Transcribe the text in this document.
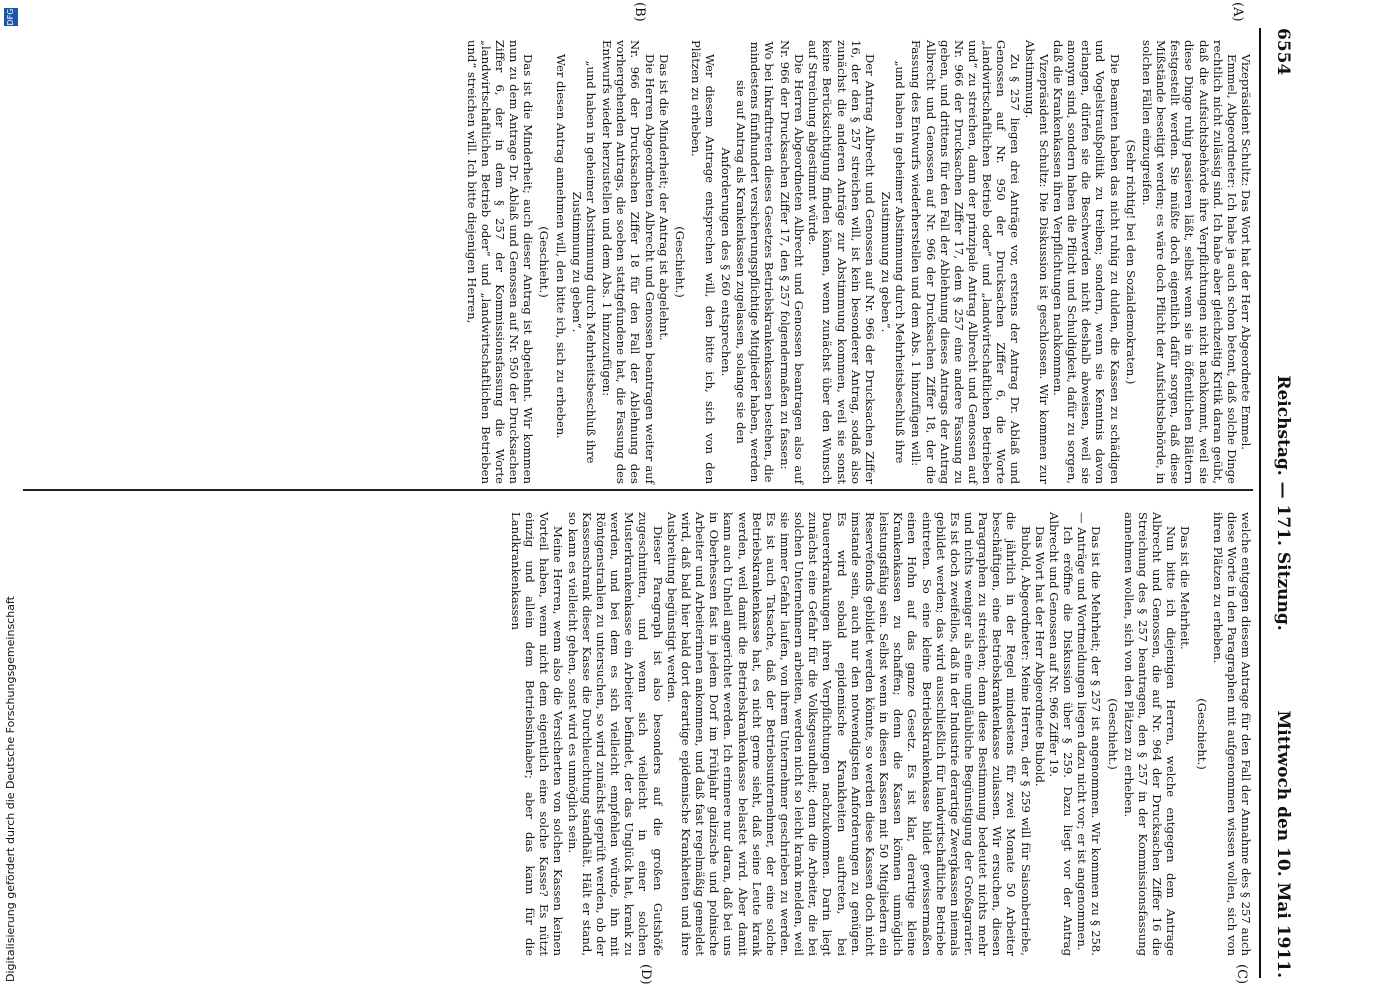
6554
Reichstag. — 171. Sitzung.
Mittwoch den 10. Mai 1911.
(A)
(B)
(C)
(D)

Vizepräsident Schultz: Das Wort hat der Herr Abgeordnete Emmel.

Emmel, Abgeordneter: Ich habe ja auch schon betont, daß solche Dinge rechtlich nicht zulässig sind. Ich habe aber gleichzeitig Kritik daran geübt, daß die Aufsichtsbehörde ihre Verpflichtungen nicht nachkommt, weil sie diese Dinge ruhig passieren läßt, selbst wenn sie in öffentlichen Blättern festgestellt werden. Sie müßte doch eigentlich dafür sorgen, daß diese Mißstände beseitigt werden; es wäre doch Pflicht der Aufsichtsbehörde, in solchen Fällen einzugreifen.

(Sehr richtig! bei den Sozialdemokraten.)

Die Beamten haben das nicht ruhig zu dulden, die Kassen zu schädigen und Vogelstraußpolitik zu treiben; sondern, wenn sie Kenntnis davon erlangen, dürfen sie die Beschwerden nicht deshalb abweisen, weil sie anonym sind, sondern haben die Pflicht und Schuldigkeit, dafür zu sorgen, daß die Krankenkassen ihren Verpflichtungen nachkommen.

Vizepräsident Schultz: Die Diskussion ist geschlossen. Wir kommen zur Abstimmung.

Zu § 257 liegen drei Anträge vor, erstens der Antrag Dr. Ablaß und Genossen auf Nr. 950 der Drucksachen Ziffer 6, die Worte „landwirtschaftlichen Betrieb oder“ und „landwirtschaftlichen Betrieben und“ zu streichen, dann der prinzipale Antrag Albrecht und Genossen auf Nr. 966 der Drucksachen Ziffer 17, dem § 257 eine andere Fassung zu geben, und drittens für den Fall der Ablehnung dieses Antrags der Antrag Albrecht und Genossen auf Nr. 966 der Drucksachen Ziffer 18, der die Fassung des Entwurfs wiederherstellen und dem Abs. 1 hinzufügen will:

„und haben in geheimer Abstimmung durch Mehrheitsbeschluß ihre Zustimmung zu geben“.

Der Antrag Albrecht und Genossen auf Nr. 966 der Drucksachen Ziffer 16, der den § 257 streichen will, ist kein besonderer Antrag, sodaß also zunächst die anderen Anträge zur Abstimmung kommen, weil sie sonst keine Berücksichtigung finden können, wenn zunächst über den Wunsch auf Streichung abgestimmt würde.

Die Herren Abgeordneten Albrecht und Genossen beantragen also auf Nr. 966 der Drucksachen Ziffer 17, den § 257 folgendermaßen zu fassen:

Wo bei Inkrafttreten dieses Gesetzes Betriebskrankenkassen bestehen, die mindestens fünfhundert versicherungspflichtige Mitglieder haben, werden sie auf Antrag als Krankenkassen zugelassen, solange sie den Anforderungen des § 260 entsprechen.

Wer diesem Antrage entsprechen will, den bitte ich, sich von den Plätzen zu erheben.

(Geschieht.)

Das ist die Minderheit; der Antrag ist abgelehnt.

Die Herren Abgeordneten Albrecht und Genossen beantragen weiter auf Nr. 966 der Drucksachen Ziffer 18 für den Fall der Ablehnung des vorhergehenden Antrags, die soeben stattgefundene hat, die Fassung des Entwurfs wieder herzustellen und dem Abs. 1 hinzuzufügen:

„und haben in geheimer Abstimmung durch Mehrheitsbeschluß ihre Zustimmung zu geben“.

Wer diesen Antrag annehmen will, den bitte ich, sich zu erheben.

(Geschieht.)

Das ist die Minderheit; auch dieser Antrag ist abgelehnt. Wir kommen nun zu dem Antrage Dr. Ablaß und Genossen auf Nr. 950 der Drucksachen Ziffer 6, der in dem § 257 der Kommissionsfassung die Worte „landwirtschaftlichen Betrieb oder“ und „landwirtschaftlichen Betrieben und“ streichen will. Ich bitte diejenigen Herren,

welche entgegen diesem Antrage für den Fall der Annahme des § 257 auch diese Worte in den Paragraphen mit aufgenommen wissen wollen, sich von ihren Plätzen zu erheben.

(Geschieht.)

Das ist die Mehrheit.

Nun bitte ich diejenigen Herren, welche entgegen dem Antrage Albrecht und Genossen, die auf Nr. 964 der Drucksachen Ziffer 16 die Streichung des § 257 beantragen, den § 257 in der Kommissionsfassung annehmen wollen, sich von den Plätzen zu erheben.

(Geschieht.)

Das ist die Mehrheit; der § 257 ist angenommen. Wir kommen zu § 258. — Anträge und Wortmeldungen liegen dazu nicht vor; er ist angenommen.

Ich eröffne die Diskussion über § 259. Dazu liegt vor der Antrag Albrecht und Genossen auf Nr. 966 Ziffer 19.

Das Wort hat der Herr Abgeordnete Bubold.

Bubold, Abgeordneter: Meine Herren, der § 259 will für Saisonbetriebe, die jährlich in der Regel mindestens für zwei Monate 50 Arbeiter beschäftigen, eine Betriebskrankenkasse zulassen. Wir ersuchen, diesen Paragraphen zu streichen; denn diese Bestimmung bedeutet nichts mehr und nichts weniger als eine ungläubliche Begünstigung der Großagrarier. Es ist doch zweifellos, daß in der Industrie derartige Zwergkassen niemals gebildet werden; das wird ausschließlich für landwirtschaftliche Betriebe eintreten. So eine kleine Betriebskrankenkasse bildet gewissermaßen einen Hohn auf das ganze Gesetz. Es ist klar, derartige kleine Krankenkassen zu schaffen; denn die Kassen können unmöglich leistungsfähig sein. Selbst wenn in diesen Kassen mit 50 Mitgliedern ein Reservefonds gebildet werden könnte, so werden diese Kassen doch nicht imstande sein, auch nur den notwendigsten Anforderungen zu genügen. Es wird sobald epidemische Krankheiten auftreten, bei Dauererkrankungen ihren Verpflichtungen nachzukommen. Darin liegt zunächst eine Gefahr für die Volksgesundheit; denn die Arbeiter, die bei solchen Unternehmern arbeiten, werden nicht so leicht krank melden, weil sie immer Gefahr laufen, von ihrem Unternehmer geschrieben zu werden. Es ist auch Tatsache, daß der Betriebsunternehmer, der eine solche Betriebskrankenkasse hat, es nicht gerne sieht, daß seine Leute krank werden, weil damit die Betriebskrankenkasse belastet wird. Aber damit kann auch Unheil angerichtet werden. Ich erinnere nur daran, daß bei uns in Oberhessen fast in jedem Dorf im Frühjahr galizische und polnische Arbeiter und Arbeiterinnen ankommen, und daß fast regelmäßig gemeldet wird, daß bald hier bald dort derartige epidemische Krankheiten und ihre Ausbreitung begünstigt werden.

Dieser Paragraph ist also besonders auf die großen Gutshöfe zugeschnitten, und wenn sich vielleicht in einer solchen Musterkrankenkasse ein Arbeiter befindet, der das Unglück hat, krank zu werden, und bei dem es sich vielleicht empfehlen würde, ihn mit Röntgenstrahlen zu untersuchen, so wird zunächst geprüft werden, ob der Kassenschrank dieser Kasse die Durchleuchtung standhält. Hält er stand, so kann es vielleicht gehen, sonst wird es unmöglich sein.

Meine Herren, wenn also die Versicherten von solchen Kassen keinen Vorteil haben, wenn nicht dem eigentlich eine solche Kasse? Es nützt einzig und allein dem Betriebsinhaber; aber das kann für die Landkrankenkassen

Digitalisierung gefördert durch die Deutsche Forschungsgemeinschaft
DFG
